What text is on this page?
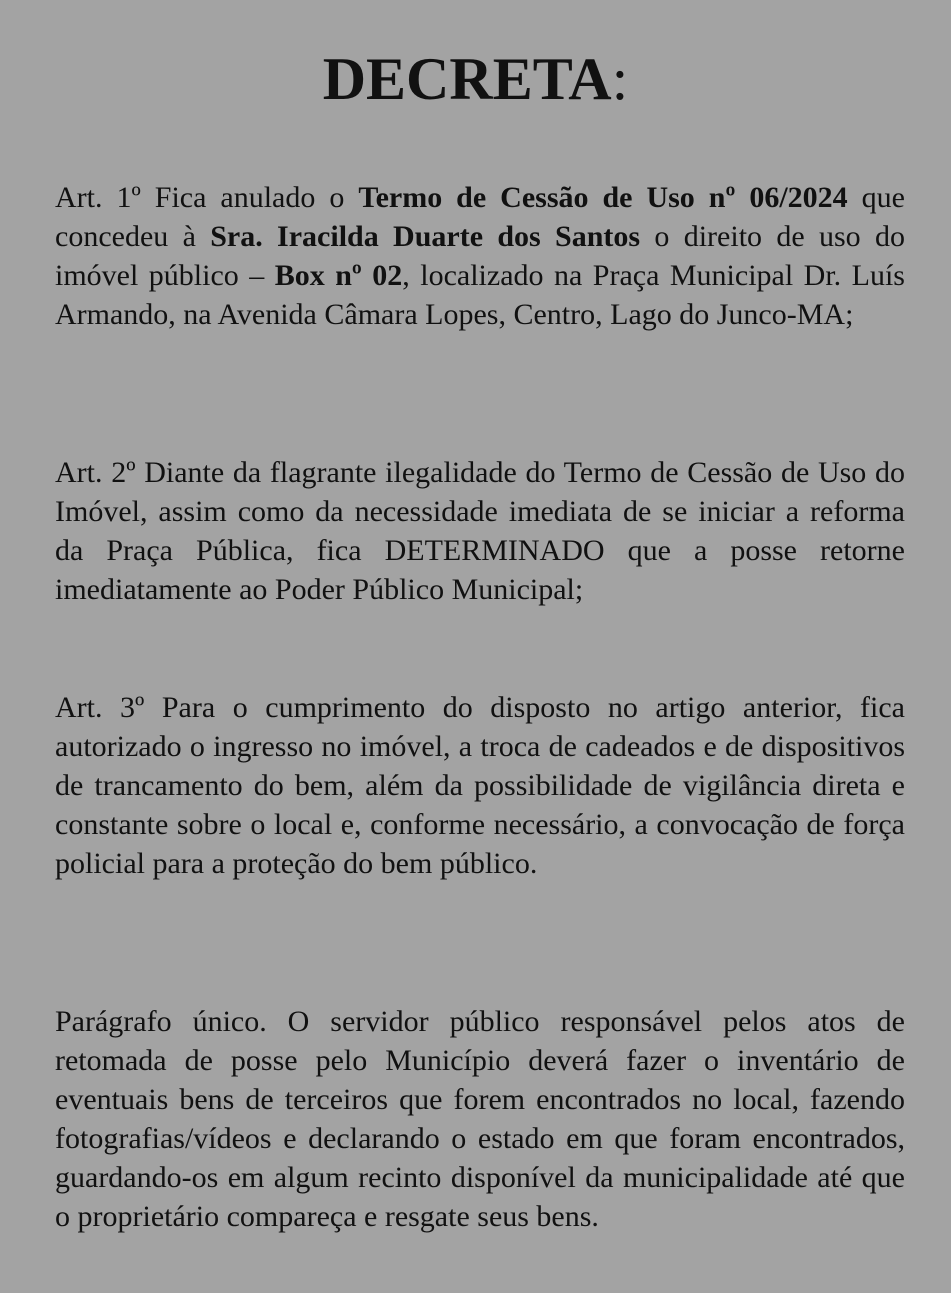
DECRETA:

Art. 1º Fica anulado o Termo de Cessão de Uso nº 06/2024 que concedeu à Sra. Iracilda Duarte dos Santos o direito de uso do imóvel público – Box nº 02, localizado na Praça Municipal Dr. Luís Armando, na Avenida Câmara Lopes, Centro, Lago do Junco-MA;

Art. 2º Diante da flagrante ilegalidade do Termo de Cessão de Uso do Imóvel, assim como da necessidade imediata de se iniciar a reforma da Praça Pública, fica DETERMINADO que a posse retorne imediatamente ao Poder Público Municipal;

Art. 3º Para o cumprimento do disposto no artigo anterior, fica autorizado o ingresso no imóvel, a troca de cadeados e de dispositivos de trancamento do bem, além da possibilidade de vigilância direta e constante sobre o local e, conforme necessário, a convocação de força policial para a proteção do bem público.

Parágrafo único. O servidor público responsável pelos atos de retomada de posse pelo Município deverá fazer o inventário de eventuais bens de terceiros que forem encontrados no local, fazendo fotografias/vídeos e declarando o estado em que foram encontrados, guardando-os em algum recinto disponível da municipalidade até que o proprietário compareça e resgate seus bens.
